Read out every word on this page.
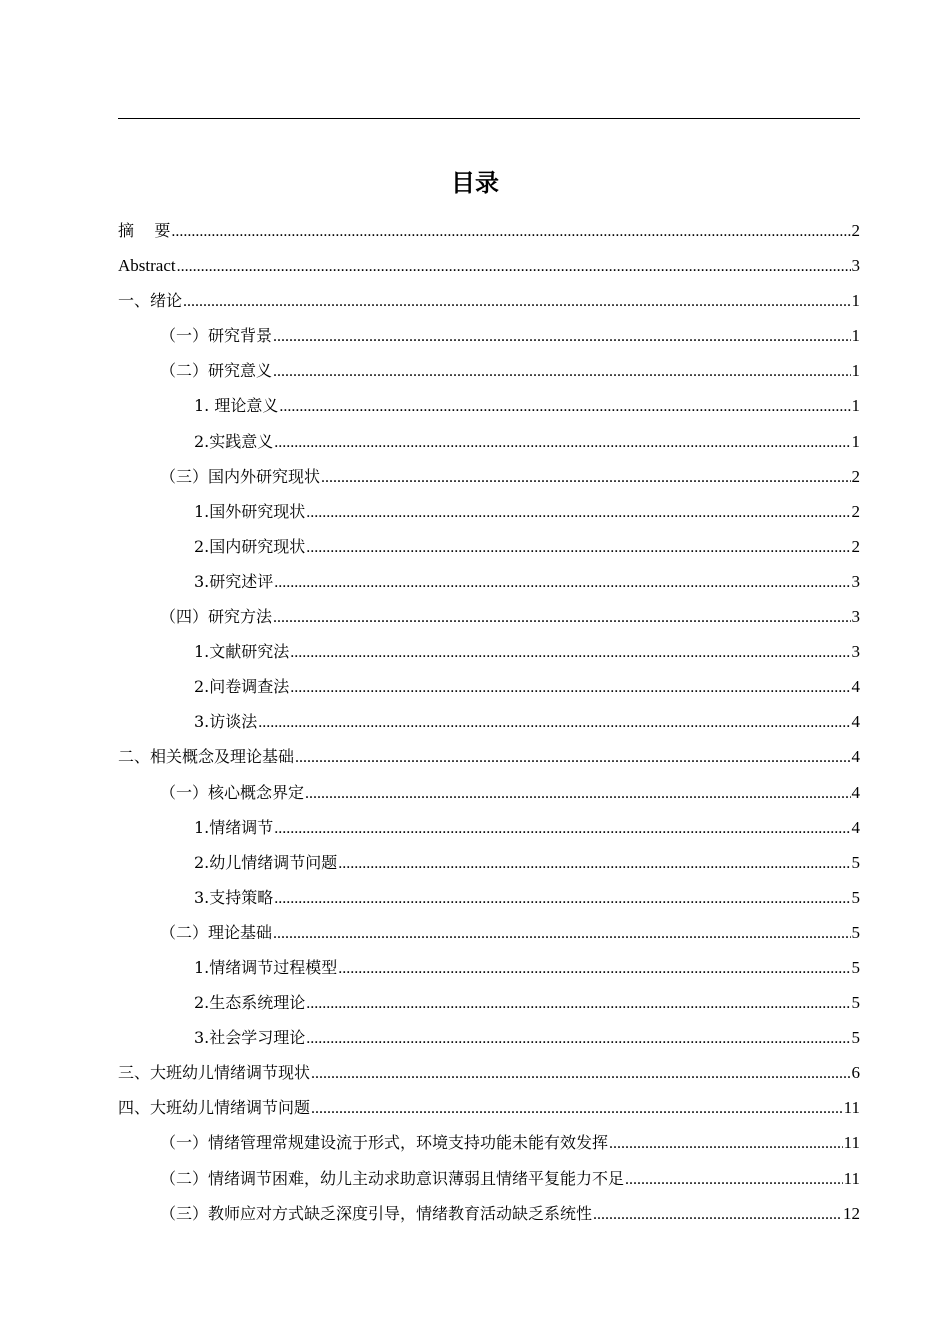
目录
摘    要 .....	2
Abstract .....	3
一、绪论 .....	1
（一）研究背景 .....	1
（二）研究意义 .....	1
1. 理论意义 .....	1
2.实践意义 .....	1
（三）国内外研究现状 .....	2
1.国外研究现状 .....	2
2.国内研究现状 .....	2
3.研究述评 .....	3
（四）研究方法 .....	3
1.文献研究法 .....	3
2.问卷调查法 .....	4
3.访谈法 .....	4
二、相关概念及理论基础 .....	4
（一）核心概念界定 .....	4
1.情绪调节 .....	4
2.幼儿情绪调节问题 .....	5
3.支持策略 .....	5
（二）理论基础 .....	5
1.情绪调节过程模型 .....	5
2.生态系统理论 .....	5
3.社会学习理论 .....	5
三、大班幼儿情绪调节现状 .....	6
四、大班幼儿情绪调节问题 .....	11
（一）情绪管理常规建设流于形式，环境支持功能未能有效发挥 .....	11
（二）情绪调节困难，幼儿主动求助意识薄弱且情绪平复能力不足 .....	11
（三）教师应对方式缺乏深度引导，情绪教育活动缺乏系统性 .....	12
